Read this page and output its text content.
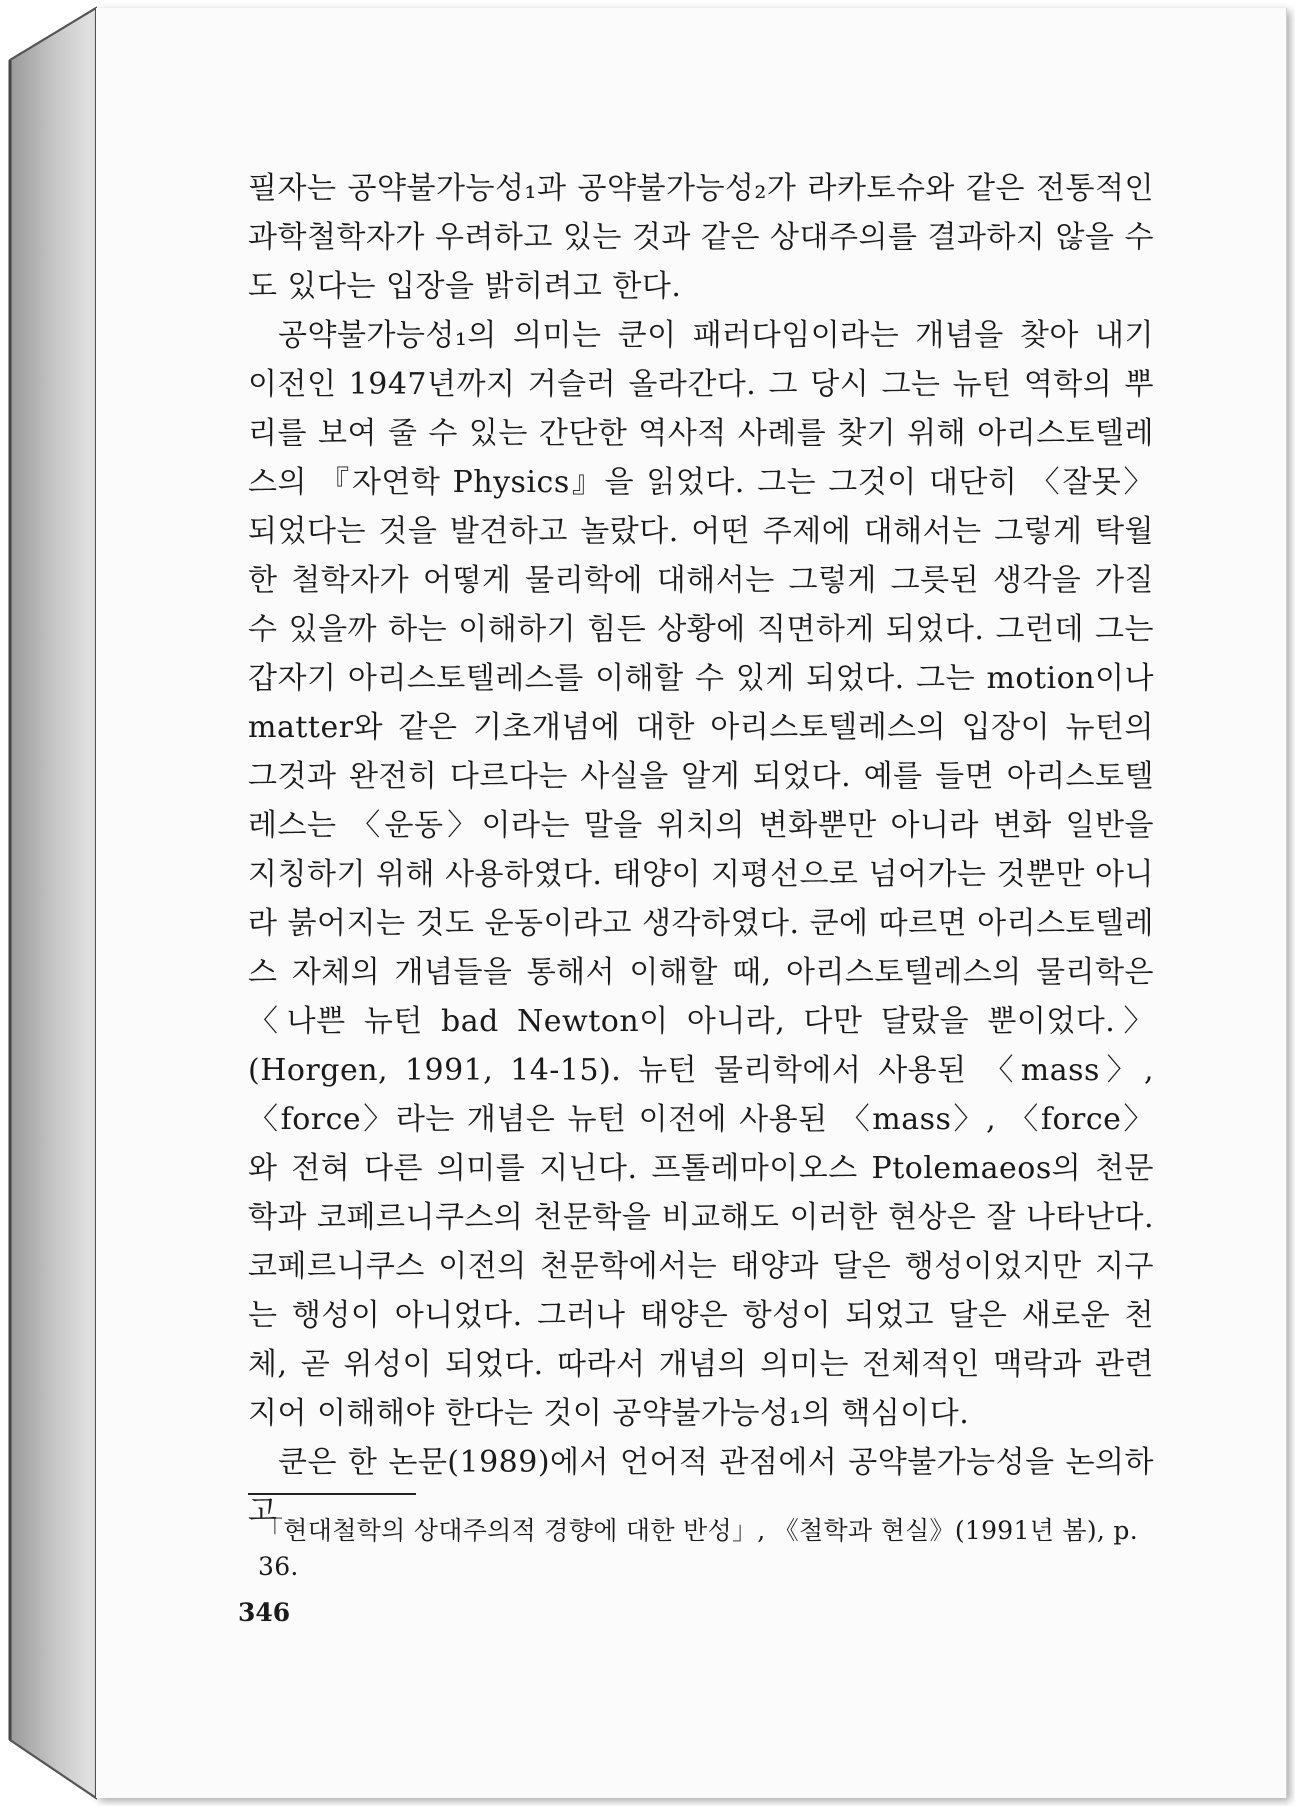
필자는 공약불가능성₁과 공약불가능성₂가 라카토슈와 같은 전통적인 과학철학자가 우려하고 있는 것과 같은 상대주의를 결과하지 않을 수도 있다는 입장을 밝히려고 한다.

공약불가능성₁의 의미는 쿤이 패러다임이라는 개념을 찾아 내기 이전인 1947년까지 거슬러 올라간다. 그 당시 그는 뉴턴 역학의 뿌리를 보여 줄 수 있는 간단한 역사적 사례를 찾기 위해 아리스토텔레스의 『자연학 Physics』을 읽었다. 그는 그것이 대단히 〈잘못〉되었다는 것을 발견하고 놀랐다. 어떤 주제에 대해서는 그렇게 탁월한 철학자가 어떻게 물리학에 대해서는 그렇게 그릇된 생각을 가질 수 있을까 하는 이해하기 힘든 상황에 직면하게 되었다. 그런데 그는 갑자기 아리스토텔레스를 이해할 수 있게 되었다. 그는 motion이나 matter와 같은 기초개념에 대한 아리스토텔레스의 입장이 뉴턴의 그것과 완전히 다르다는 사실을 알게 되었다. 예를 들면 아리스토텔레스는 〈운동〉이라는 말을 위치의 변화뿐만 아니라 변화 일반을 지칭하기 위해 사용하였다. 태양이 지평선으로 넘어가는 것뿐만 아니라 붉어지는 것도 운동이라고 생각하였다. 쿤에 따르면 아리스토텔레스 자체의 개념들을 통해서 이해할 때, 아리스토텔레스의 물리학은 〈나쁜 뉴턴 bad Newton이 아니라, 다만 달랐을 뿐이었다.〉(Horgen, 1991, 14-15). 뉴턴 물리학에서 사용된 〈mass〉, 〈force〉라는 개념은 뉴턴 이전에 사용된 〈mass〉, 〈force〉와 전혀 다른 의미를 지닌다. 프톨레마이오스 Ptolemaeos의 천문학과 코페르니쿠스의 천문학을 비교해도 이러한 현상은 잘 나타난다. 코페르니쿠스 이전의 천문학에서는 태양과 달은 행성이었지만 지구는 행성이 아니었다. 그러나 태양은 항성이 되었고 달은 새로운 천체, 곧 위성이 되었다. 따라서 개념의 의미는 전체적인 맥락과 관련지어 이해해야 한다는 것이 공약불가능성₁의 핵심이다.

쿤은 한 논문(1989)에서 언어적 관점에서 공약불가능성을 논의하고

「현대철학의 상대주의적 경향에 대한 반성」, 《철학과 현실》(1991년 봄), p. 36.
346
